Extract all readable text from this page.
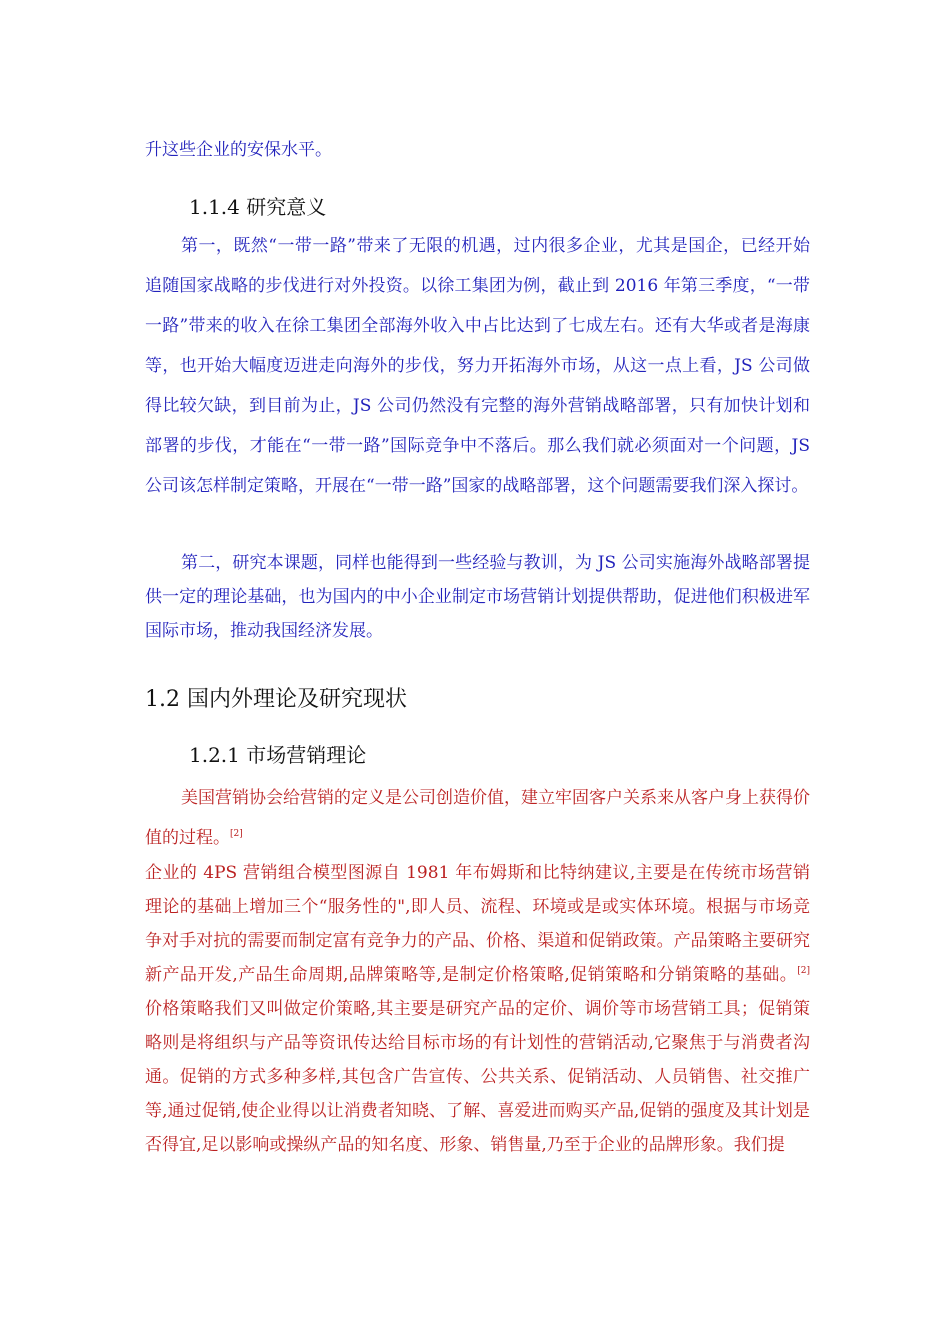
升这些企业的安保水平。

1.1.4 研究意义

第一，既然“一带一路”带来了无限的机遇，过内很多企业，尤其是国企，已经开始追随国家战略的步伐进行对外投资。以徐工集团为例，截止到 2016 年第三季度，“一带一路”带来的收入在徐工集团全部海外收入中占比达到了七成左右。还有大华或者是海康等，也开始大幅度迈进走向海外的步伐，努力开拓海外市场，从这一点上看，JS 公司做得比较欠缺，到目前为止，JS 公司仍然没有完整的海外营销战略部署，只有加快计划和部署的步伐，才能在“一带一路”国际竞争中不落后。那么我们就必须面对一个问题，JS 公司该怎样制定策略，开展在“一带一路”国家的战略部署，这个问题需要我们深入探讨。

第二，研究本课题，同样也能得到一些经验与教训，为 JS 公司实施海外战略部署提供一定的理论基础，也为国内的中小企业制定市场营销计划提供帮助，促进他们积极进军国际市场，推动我国经济发展。

1.2 国内外理论及研究现状
1.2.1 市场营销理论

美国营销协会给营销的定义是公司创造价值，建立牢固客户关系来从客户身上获得价值的过程。[2]

企业的 4PS 营销组合模型图源自 1981 年布姆斯和比特纳建议,主要是在传统市场营销理论的基础上增加三个“服务性的",即人员、流程、环境或是或实体环境。根据与市场竞争对手对抗的需要而制定富有竞争力的产品、价格、渠道和促销政策。产品策略主要研究新产品开发,产品生命周期,品牌策略等,是制定价格策略,促销策略和分销策略的基础。[2] 价格策略我们又叫做定价策略,其主要是研究产品的定价、调价等市场营销工具；促销策略则是将组织与产品等资讯传达给目标市场的有计划性的营销活动,它聚焦于与消费者沟通。促销的方式多种多样,其包含广告宣传、公共关系、促销活动、人员销售、社交推广等,通过促销,使企业得以让消费者知晓、了解、喜爱进而购买产品,促销的强度及其计划是否得宜,足以影响或操纵产品的知名度、形象、销售量,乃至于企业的品牌形象。我们提
